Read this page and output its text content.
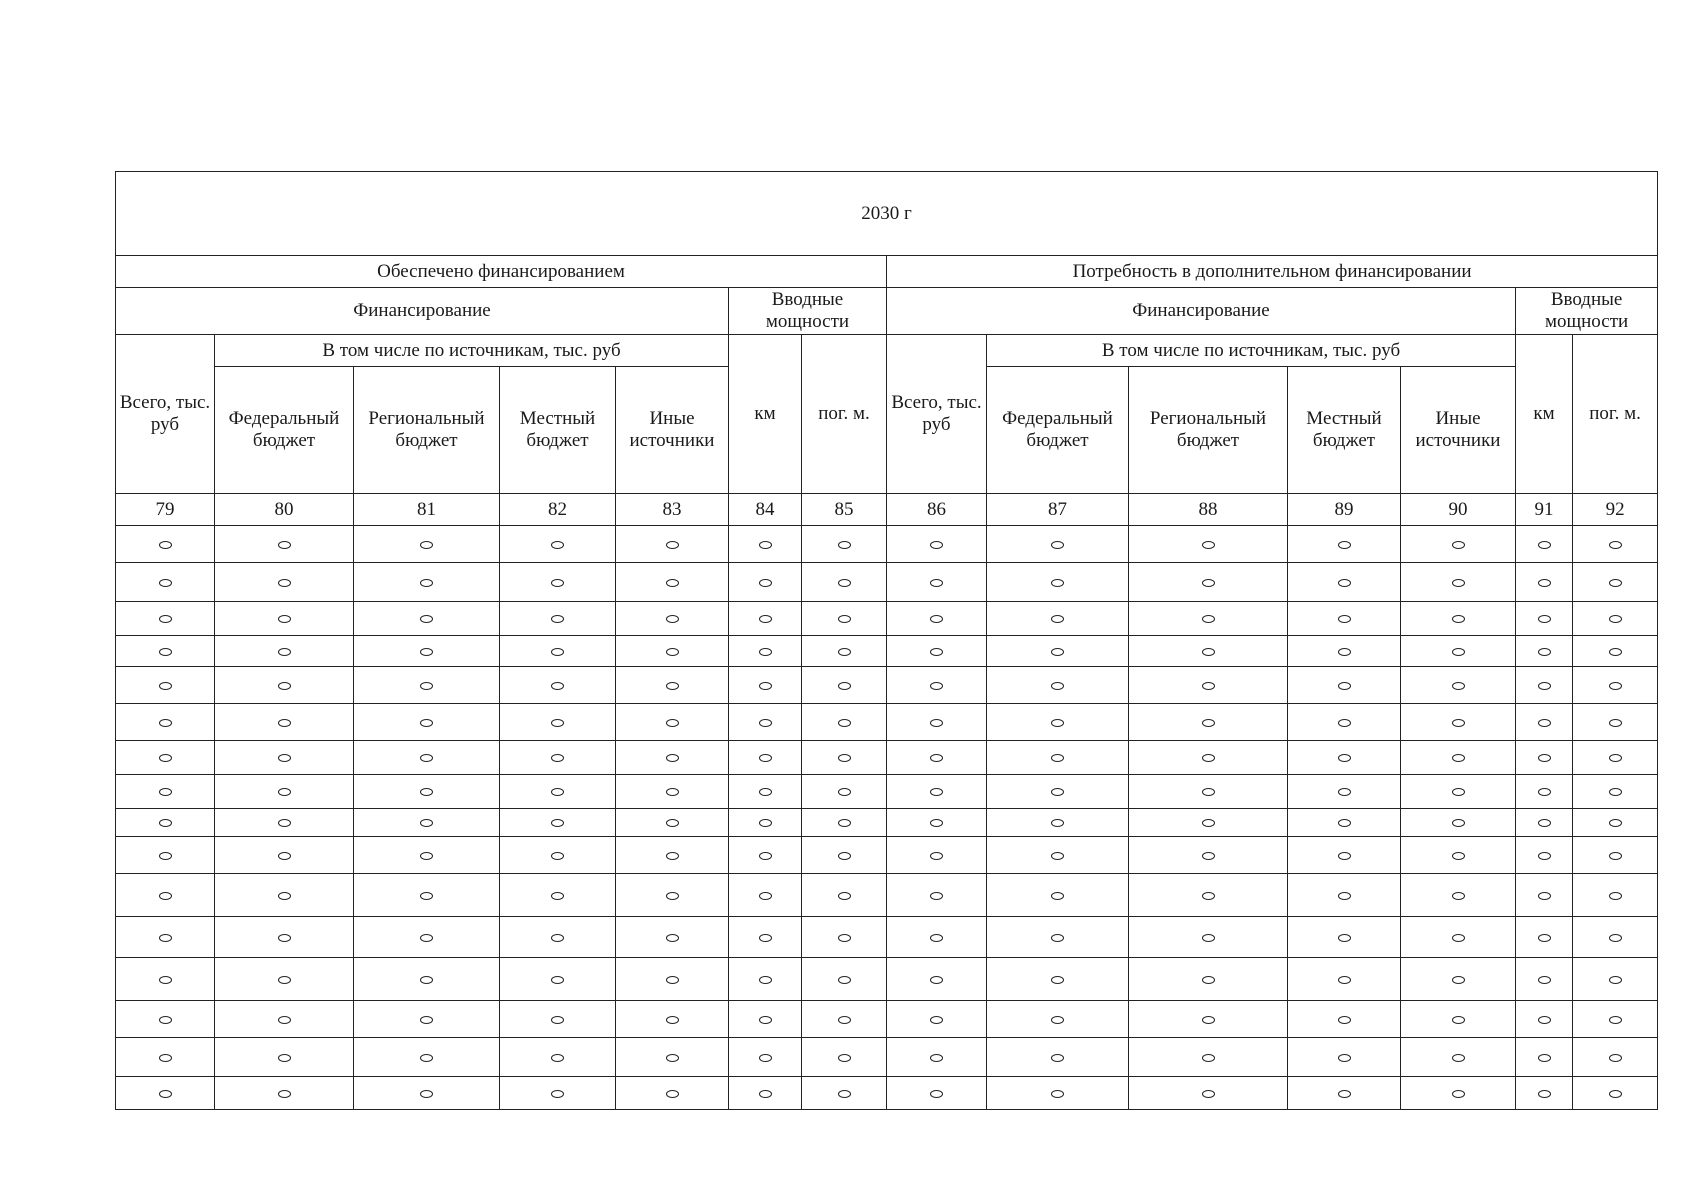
2030 г													
Обеспечено финансированием							Потребность в дополнительном финансировании						
Финансирование					Вводные мощности		Финансирование					Вводные мощности	
Всего, тыс. руб	В том числе по источникам, тыс. руб				км	пог. м.	Всего, тыс. руб	В том числе по источникам, тыс. руб				км	пог. м.
	Федеральный бюджет	Региональный бюджет	Местный бюджет	Иные источники				Федеральный бюджет	Региональный бюджет	Местный бюджет	Иные источники		
79	80	81	82	83	84	85	86	87	88	89	90	91	92
